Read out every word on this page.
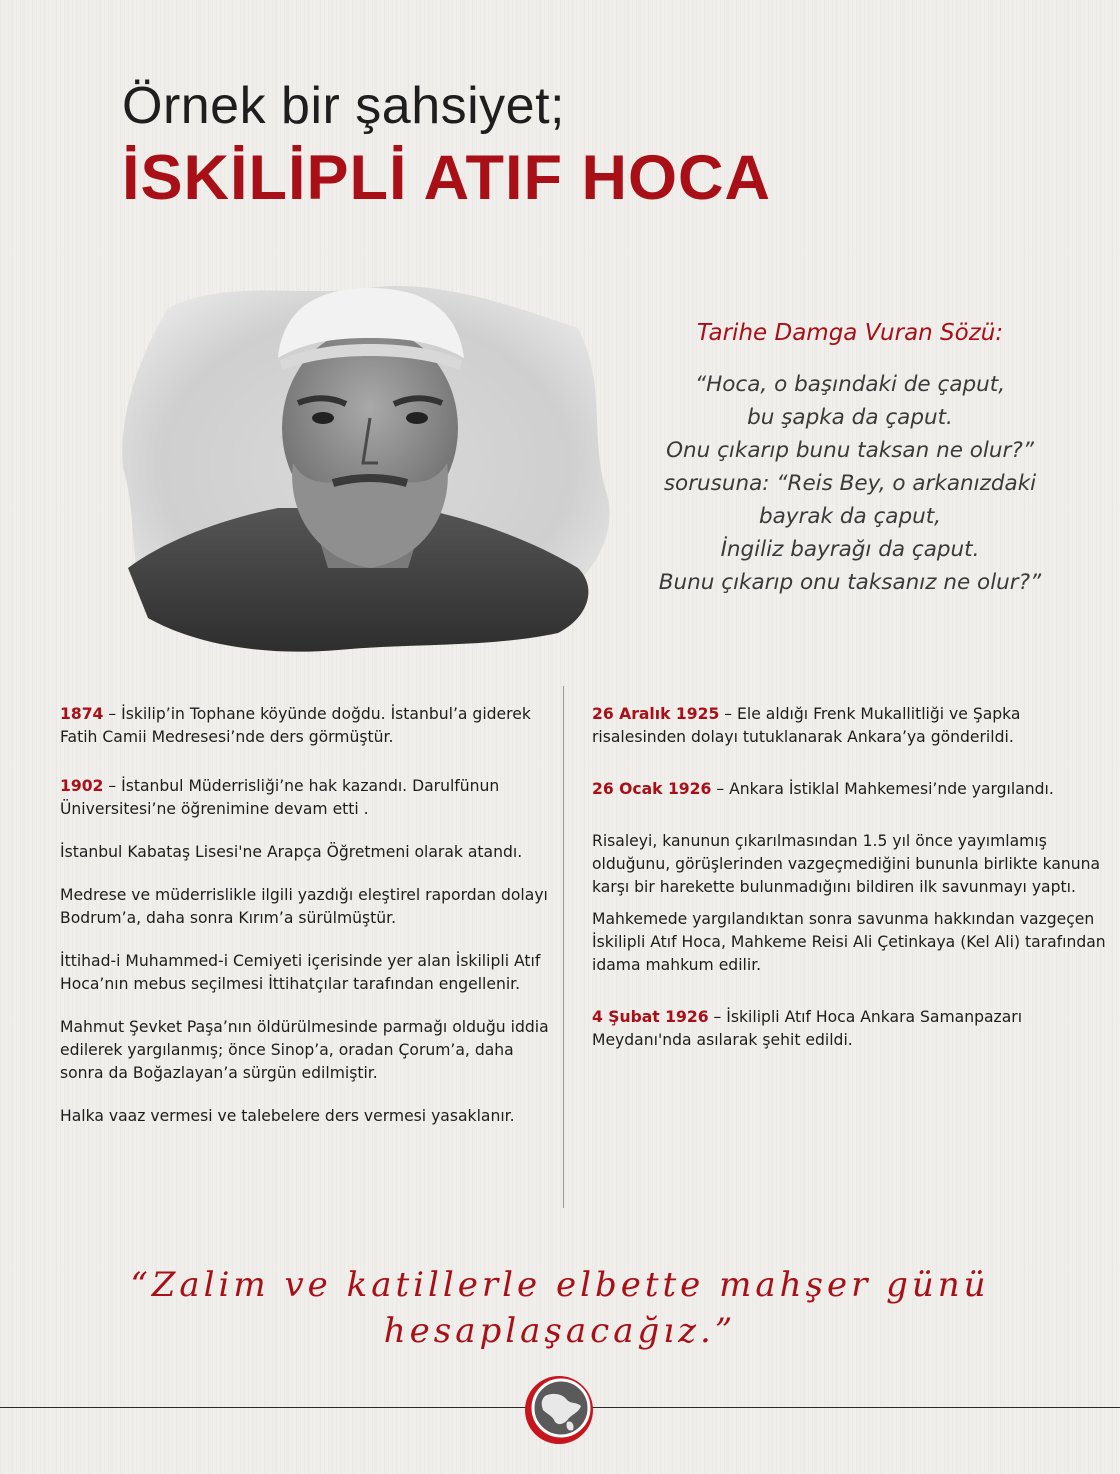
Örnek bir şahsiyet;
İSKİLİPLİ ATIF HOCA
Tarihe Damga Vuran Sözü:
“Hoca, o başındaki de çaput,
bu şapka da çaput.
Onu çıkarıp bunu taksan ne olur?”
sorusuna: “Reis Bey, o arkanızdaki
bayrak da çaput,
İngiliz bayrağı da çaput.
Bunu çıkarıp onu taksanız ne olur?”

1874 – İskilip’in Tophane köyünde doğdu. İstanbul’a giderek Fatih Camii Medresesi’nde ders görmüştür.

1902 – İstanbul Müderrisliği’ne hak kazandı. Darulfünun Üniversitesi’ne öğrenimine devam etti .

İstanbul Kabataş Lisesi'ne Arapça Öğretmeni olarak atandı.

Medrese ve müderrislikle ilgili yazdığı eleştirel rapordan dolayı Bodrum’a, daha sonra Kırım’a sürülmüştür.

İttihad-i Muhammed-i Cemiyeti içerisinde yer alan İskilipli Atıf Hoca’nın mebus seçilmesi İttihatçılar tarafından engellenir.

Mahmut Şevket Paşa’nın öldürülmesinde parmağı olduğu iddia edilerek yargılanmış; önce Sinop’a, oradan Çorum’a, daha sonra da Boğazlayan’a sürgün edilmiştir.

Halka vaaz vermesi ve talebelere ders vermesi yasaklanır.

26 Aralık 1925 – Ele aldığı Frenk Mukallitliği ve Şapka risalesinden dolayı tutuklanarak Ankara’ya gönderildi.

26 Ocak 1926 – Ankara İstiklal Mahkemesi’nde yargılandı.

Risaleyi, kanunun çıkarılmasından 1.5 yıl önce yayımlamış olduğunu, görüşlerinden vazgeçmediğini bununla birlikte kanuna karşı bir harekette bulunmadığını bildiren ilk savunmayı yaptı.

Mahkemede yargılandıktan sonra savunma hakkından vazgeçen İskilipli Atıf Hoca, Mahkeme Reisi Ali Çetinkaya (Kel Ali) tarafından idama mahkum edilir.

4 Şubat 1926 – İskilipli Atıf Hoca Ankara Samanpazarı Meydanı'nda asılarak şehit edildi.

“Zalim ve katillerle elbette mahşer günü
hesaplaşacağız.”
